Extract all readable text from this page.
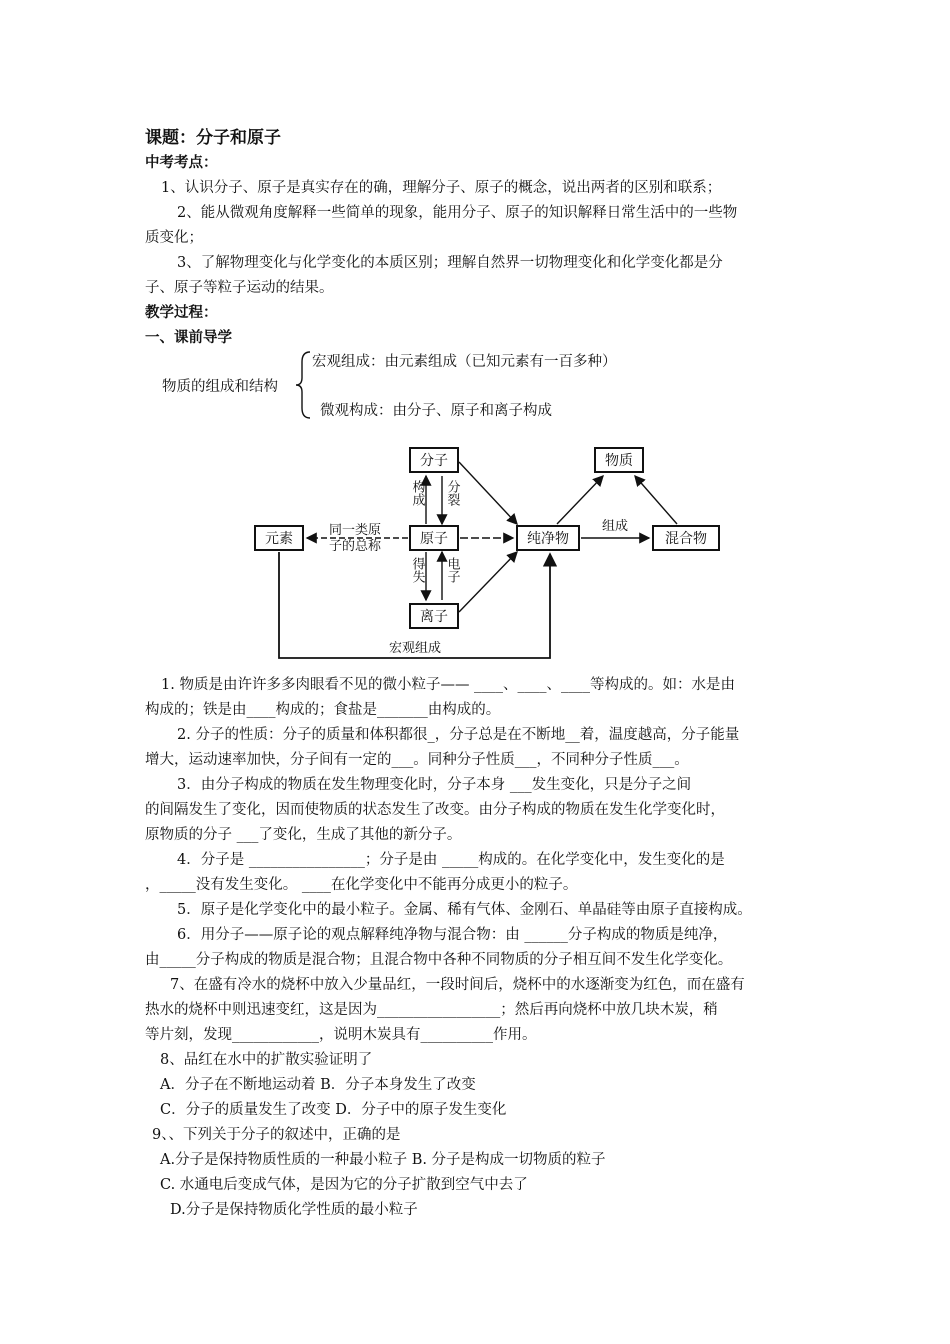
课题：分子和原子
中考考点：
1、认识分子、原子是真实存在的确，理解分子、原子的概念，说出两者的区别和联系；
2、能从微观角度解释一些简单的现象，能用分子、原子的知识解释日常生活中的一些物
质变化；
3、了解物理变化与化学变化的本质区别；理解自然界一切物理变化和化学变化都是分
子、原子等粒子运动的结果。
教学过程：
一、课前导学
物质的组成和结构
宏观组成：由元素组成（已知元素有一百多种）
微观构成：由分子、原子和离子构成
分子
原子
离子
元素	纯净物
物质
混合物
构成 分裂
得失 电子
同一类原
子的总称
组成
宏观组成
1. 物质是由许许多多肉眼看不见的微小粒子—— ____、____、____等构成的。如：水是由
构成的；铁是由____构成的；食盐是_______由构成的。
2. 分子的性质：分子的质量和体积都很_，分子总是在不断地__着，温度越高，分子能量
增大，运动速率加快，分子间有一定的___。同种分子性质___，不同种分子性质___。
3．由分子构成的物质在发生物理变化时，分子本身 ___发生变化，只是分子之间
的间隔发生了变化，因而使物质的状态发生了改变。由分子构成的物质在发生化学变化时，
原物质的分子 ___了变化，生成了其他的新分子。
4．分子是 ________________；分子是由 _____构成的。在化学变化中，发生变化的是
，_____没有发生变化。 ____在化学变化中不能再分成更小的粒子。
5．原子是化学变化中的最小粒子。金属、稀有气体、金刚石、单晶硅等由原子直接构成。
6．用分子——原子论的观点解释纯净物与混合物：由 ______分子构成的物质是纯净，
由_____分子构成的物质是混合物；且混合物中各种不同物质的分子相互间不发生化学变化。
7、在盛有冷水的烧杯中放入少量品红，一段时间后，烧杯中的水逐渐变为红色，而在盛有
热水的烧杯中则迅速变红，这是因为_________________；然后再向烧杯中放几块木炭，稍
等片刻，发现____________，说明木炭具有__________作用。
8、品红在水中的扩散实验证明了
A．分子在不断地运动着 B．分子本身发生了改变
C．分子的质量发生了改变 D．分子中的原子发生变化
9、、下列关于分子的叙述中，正确的是
A.分子是保持物质性质的一种最小粒子 B. 分子是构成一切物质的粒子
C. 水通电后变成气体，是因为它的分子扩散到空气中去了
D.分子是保持物质化学性质的最小粒子
